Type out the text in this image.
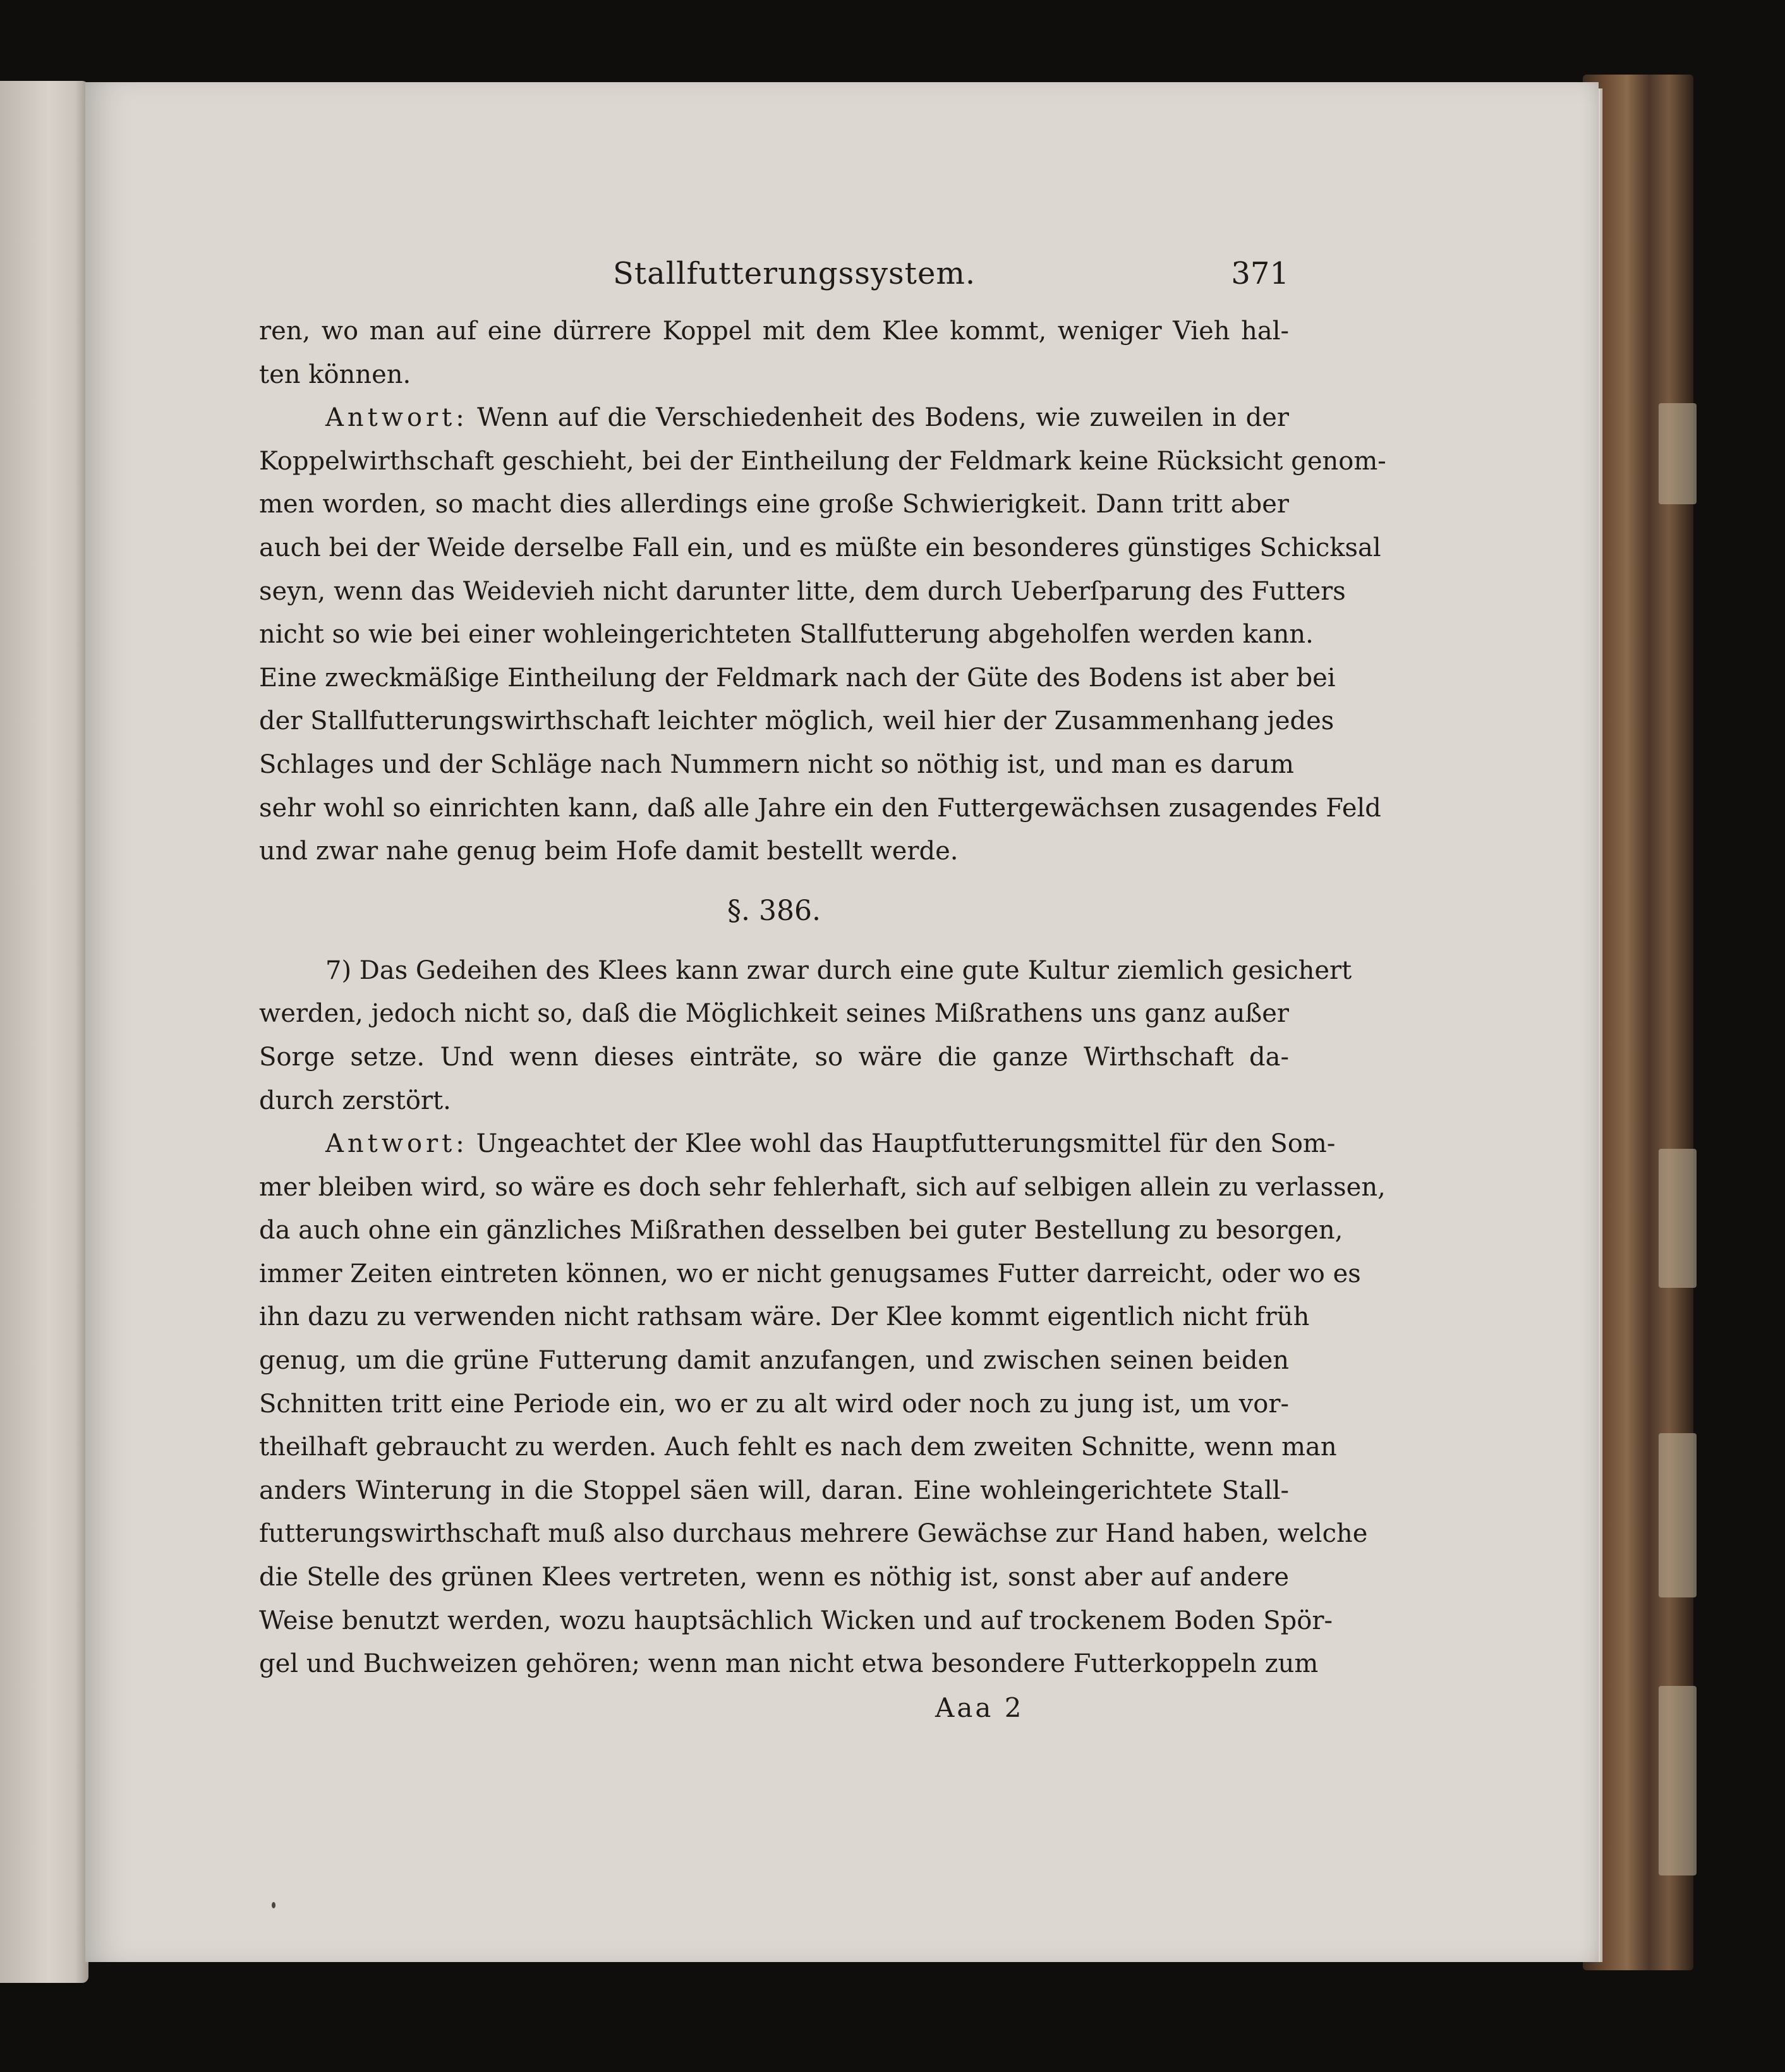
Stallfutterungssystem.	371
ren, wo man auf eine dürrere Koppel mit dem Klee kommt, weniger Vieh hal-
ten können.
Antwort: Wenn auf die Verschiedenheit des Bodens, wie zuweilen in der
Koppelwirthschaft geschieht, bei der Eintheilung der Feldmark keine Rücksicht genom-
men worden, so macht dies allerdings eine große Schwierigkeit. Dann tritt aber
auch bei der Weide derselbe Fall ein, und es müßte ein besonderes günstiges Schicksal
seyn, wenn das Weidevieh nicht darunter litte, dem durch Ueberſparung des Futters
nicht so wie bei einer wohleingerichteten Stallfutterung abgeholfen werden kann.
Eine zweckmäßige Eintheilung der Feldmark nach der Güte des Bodens ist aber bei
der Stallfutterungswirthschaft leichter möglich, weil hier der Zusammenhang jedes
Schlages und der Schläge nach Nummern nicht so nöthig ist, und man es darum
sehr wohl so einrichten kann, daß alle Jahre ein den Futtergewächsen zusagendes Feld
und zwar nahe genug beim Hofe damit bestellt werde.
§. 386.
7) Das Gedeihen des Klees kann zwar durch eine gute Kultur ziemlich gesichert
werden, jedoch nicht so, daß die Möglichkeit seines Mißrathens uns ganz außer
Sorge setze. Und wenn dieses einträte, so wäre die ganze Wirthschaft da-
durch zerstört.
Antwort: Ungeachtet der Klee wohl das Hauptfutterungsmittel für den Som-
mer bleiben wird, so wäre es doch sehr fehlerhaft, sich auf selbigen allein zu verlassen,
da auch ohne ein gänzliches Mißrathen desselben bei guter Bestellung zu besorgen,
immer Zeiten eintreten können, wo er nicht genugsames Futter darreicht, oder wo es
ihn dazu zu verwenden nicht rathsam wäre. Der Klee kommt eigentlich nicht früh
genug, um die grüne Futterung damit anzufangen, und zwischen seinen beiden
Schnitten tritt eine Periode ein, wo er zu alt wird oder noch zu jung ist, um vor-
theilhaft gebraucht zu werden. Auch fehlt es nach dem zweiten Schnitte, wenn man
anders Winterung in die Stoppel säen will, daran. Eine wohleingerichtete Stall-
futterungswirthschaft muß also durchaus mehrere Gewächse zur Hand haben, welche
die Stelle des grünen Klees vertreten, wenn es nöthig ist, sonst aber auf andere
Weise benutzt werden, wozu hauptsächlich Wicken und auf trockenem Boden Spör-
gel und Buchweizen gehören; wenn man nicht etwa besondere Futterkoppeln zum
Aaa 2
